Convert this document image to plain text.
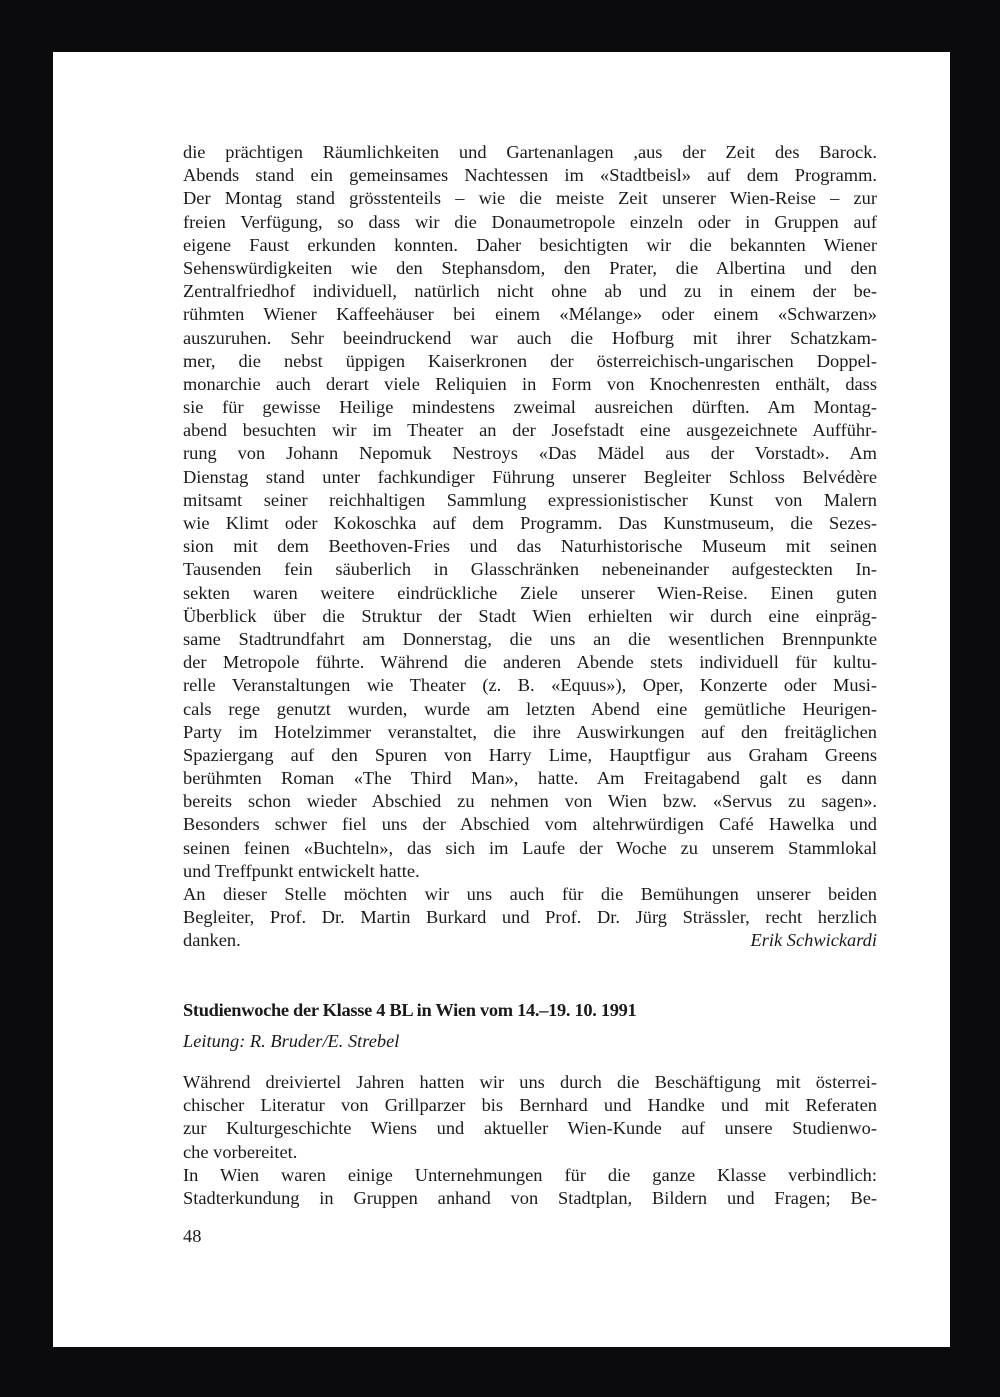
die prächtigen Räumlichkeiten und Gartenanlagen ,aus der Zeit des Barock.
Abends stand ein gemeinsames Nachtessen im «Stadtbeisl» auf dem Programm.
Der Montag stand grösstenteils – wie die meiste Zeit unserer Wien-Reise – zur
freien Verfügung, so dass wir die Donaumetropole einzeln oder in Gruppen auf
eigene Faust erkunden konnten. Daher besichtigten wir die bekannten Wiener
Sehenswürdigkeiten wie den Stephansdom, den Prater, die Albertina und den
Zentralfriedhof individuell, natürlich nicht ohne ab und zu in einem der be-
rühmten Wiener Kaffeehäuser bei einem «Mélange» oder einem «Schwarzen»
auszuruhen. Sehr beeindruckend war auch die Hofburg mit ihrer Schatzkam-
mer, die nebst üppigen Kaiserkronen der österreichisch-ungarischen Doppel-
monarchie auch derart viele Reliquien in Form von Knochenresten enthält, dass
sie für gewisse Heilige mindestens zweimal ausreichen dürften. Am Montag-
abend besuchten wir im Theater an der Josefstadt eine ausgezeichnete Aufführ-
rung von Johann Nepomuk Nestroys «Das Mädel aus der Vorstadt». Am
Dienstag stand unter fachkundiger Führung unserer Begleiter Schloss Belvédère
mitsamt seiner reichhaltigen Sammlung expressionistischer Kunst von Malern
wie Klimt oder Kokoschka auf dem Programm. Das Kunstmuseum, die Sezes-
sion mit dem Beethoven-Fries und das Naturhistorische Museum mit seinen
Tausenden fein säuberlich in Glasschränken nebeneinander aufgesteckten In-
sekten waren weitere eindrückliche Ziele unserer Wien-Reise. Einen guten
Überblick über die Struktur der Stadt Wien erhielten wir durch eine einpräg-
same Stadtrundfahrt am Donnerstag, die uns an die wesentlichen Brennpunkte
der Metropole führte. Während die anderen Abende stets individuell für kultu-
relle Veranstaltungen wie Theater (z. B. «Equus»), Oper, Konzerte oder Musi-
cals rege genutzt wurden, wurde am letzten Abend eine gemütliche Heurigen-
Party im Hotelzimmer veranstaltet, die ihre Auswirkungen auf den freitäglichen
Spaziergang auf den Spuren von Harry Lime, Hauptfigur aus Graham Greens
berühmten Roman «The Third Man», hatte. Am Freitagabend galt es dann
bereits schon wieder Abschied zu nehmen von Wien bzw. «Servus zu sagen».
Besonders schwer fiel uns der Abschied vom altehrwürdigen Café Hawelka und
seinen feinen «Buchteln», das sich im Laufe der Woche zu unserem Stammlokal
und Treffpunkt entwickelt hatte.
An dieser Stelle möchten wir uns auch für die Bemühungen unserer beiden
Begleiter, Prof. Dr. Martin Burkard und Prof. Dr. Jürg Strässler, recht herzlich
danken.	Erik Schwickardi
Studienwoche der Klasse 4 BL in Wien vom 14.–19. 10. 1991
Leitung: R. Bruder/E. Strebel
Während dreiviertel Jahren hatten wir uns durch die Beschäftigung mit österrei-
chischer Literatur von Grillparzer bis Bernhard und Handke und mit Referaten
zur Kulturgeschichte Wiens und aktueller Wien-Kunde auf unsere Studienwo-
che vorbereitet.
In Wien waren einige Unternehmungen für die ganze Klasse verbindlich:
Stadterkundung in Gruppen anhand von Stadtplan, Bildern und Fragen; Be-
48
